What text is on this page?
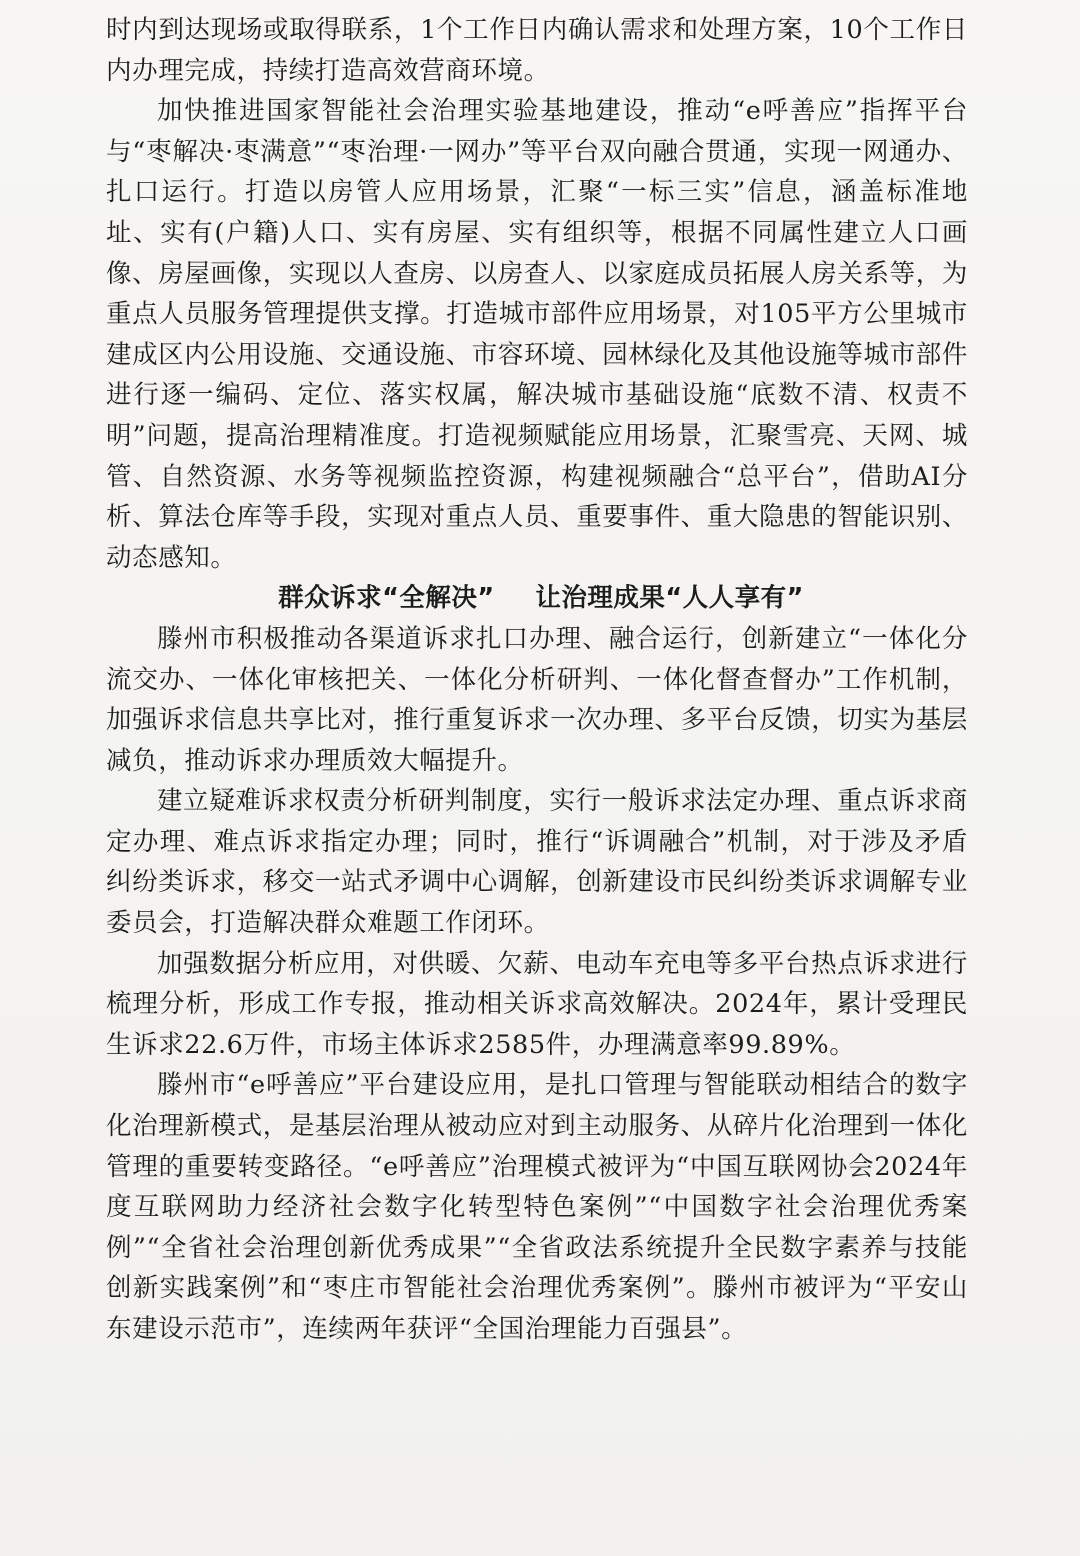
时内到达现场或取得联系，1个工作日内确认需求和处理方案，10个工作日内办理完成，持续打造高效营商环境。

加快推进国家智能社会治理实验基地建设，推动“e呼善应”指挥平台与“枣解决·枣满意”“枣治理·一网办”等平台双向融合贯通，实现一网通办、扎口运行。打造以房管人应用场景，汇聚“一标三实”信息，涵盖标准地址、实有(户籍)人口、实有房屋、实有组织等，根据不同属性建立人口画像、房屋画像，实现以人查房、以房查人、以家庭成员拓展人房关系等，为重点人员服务管理提供支撑。打造城市部件应用场景，对105平方公里城市建成区内公用设施、交通设施、市容环境、园林绿化及其他设施等城市部件进行逐一编码、定位、落实权属，解决城市基础设施“底数不清、权责不明”问题，提高治理精准度。打造视频赋能应用场景，汇聚雪亮、天网、城管、自然资源、水务等视频监控资源，构建视频融合“总平台”，借助AI分析、算法仓库等手段，实现对重点人员、重要事件、重大隐患的智能识别、动态感知。

群众诉求“全解决” 让治理成果“人人享有”

滕州市积极推动各渠道诉求扎口办理、融合运行，创新建立“一体化分流交办、一体化审核把关、一体化分析研判、一体化督查督办”工作机制，加强诉求信息共享比对，推行重复诉求一次办理、多平台反馈，切实为基层减负，推动诉求办理质效大幅提升。

建立疑难诉求权责分析研判制度，实行一般诉求法定办理、重点诉求商定办理、难点诉求指定办理；同时，推行“诉调融合”机制，对于涉及矛盾纠纷类诉求，移交一站式矛调中心调解，创新建设市民纠纷类诉求调解专业委员会，打造解决群众难题工作闭环。

加强数据分析应用，对供暖、欠薪、电动车充电等多平台热点诉求进行梳理分析，形成工作专报，推动相关诉求高效解决。2024年，累计受理民生诉求22.6万件，市场主体诉求2585件，办理满意率99.89%。

滕州市“e呼善应”平台建设应用，是扎口管理与智能联动相结合的数字化治理新模式，是基层治理从被动应对到主动服务、从碎片化治理到一体化管理的重要转变路径。“e呼善应”治理模式被评为“中国互联网协会2024年度互联网助力经济社会数字化转型特色案例”“中国数字社会治理优秀案例”“全省社会治理创新优秀成果”“全省政法系统提升全民数字素养与技能创新实践案例”和“枣庄市智能社会治理优秀案例”。滕州市被评为“平安山东建设示范市”，连续两年获评“全国治理能力百强县”。
